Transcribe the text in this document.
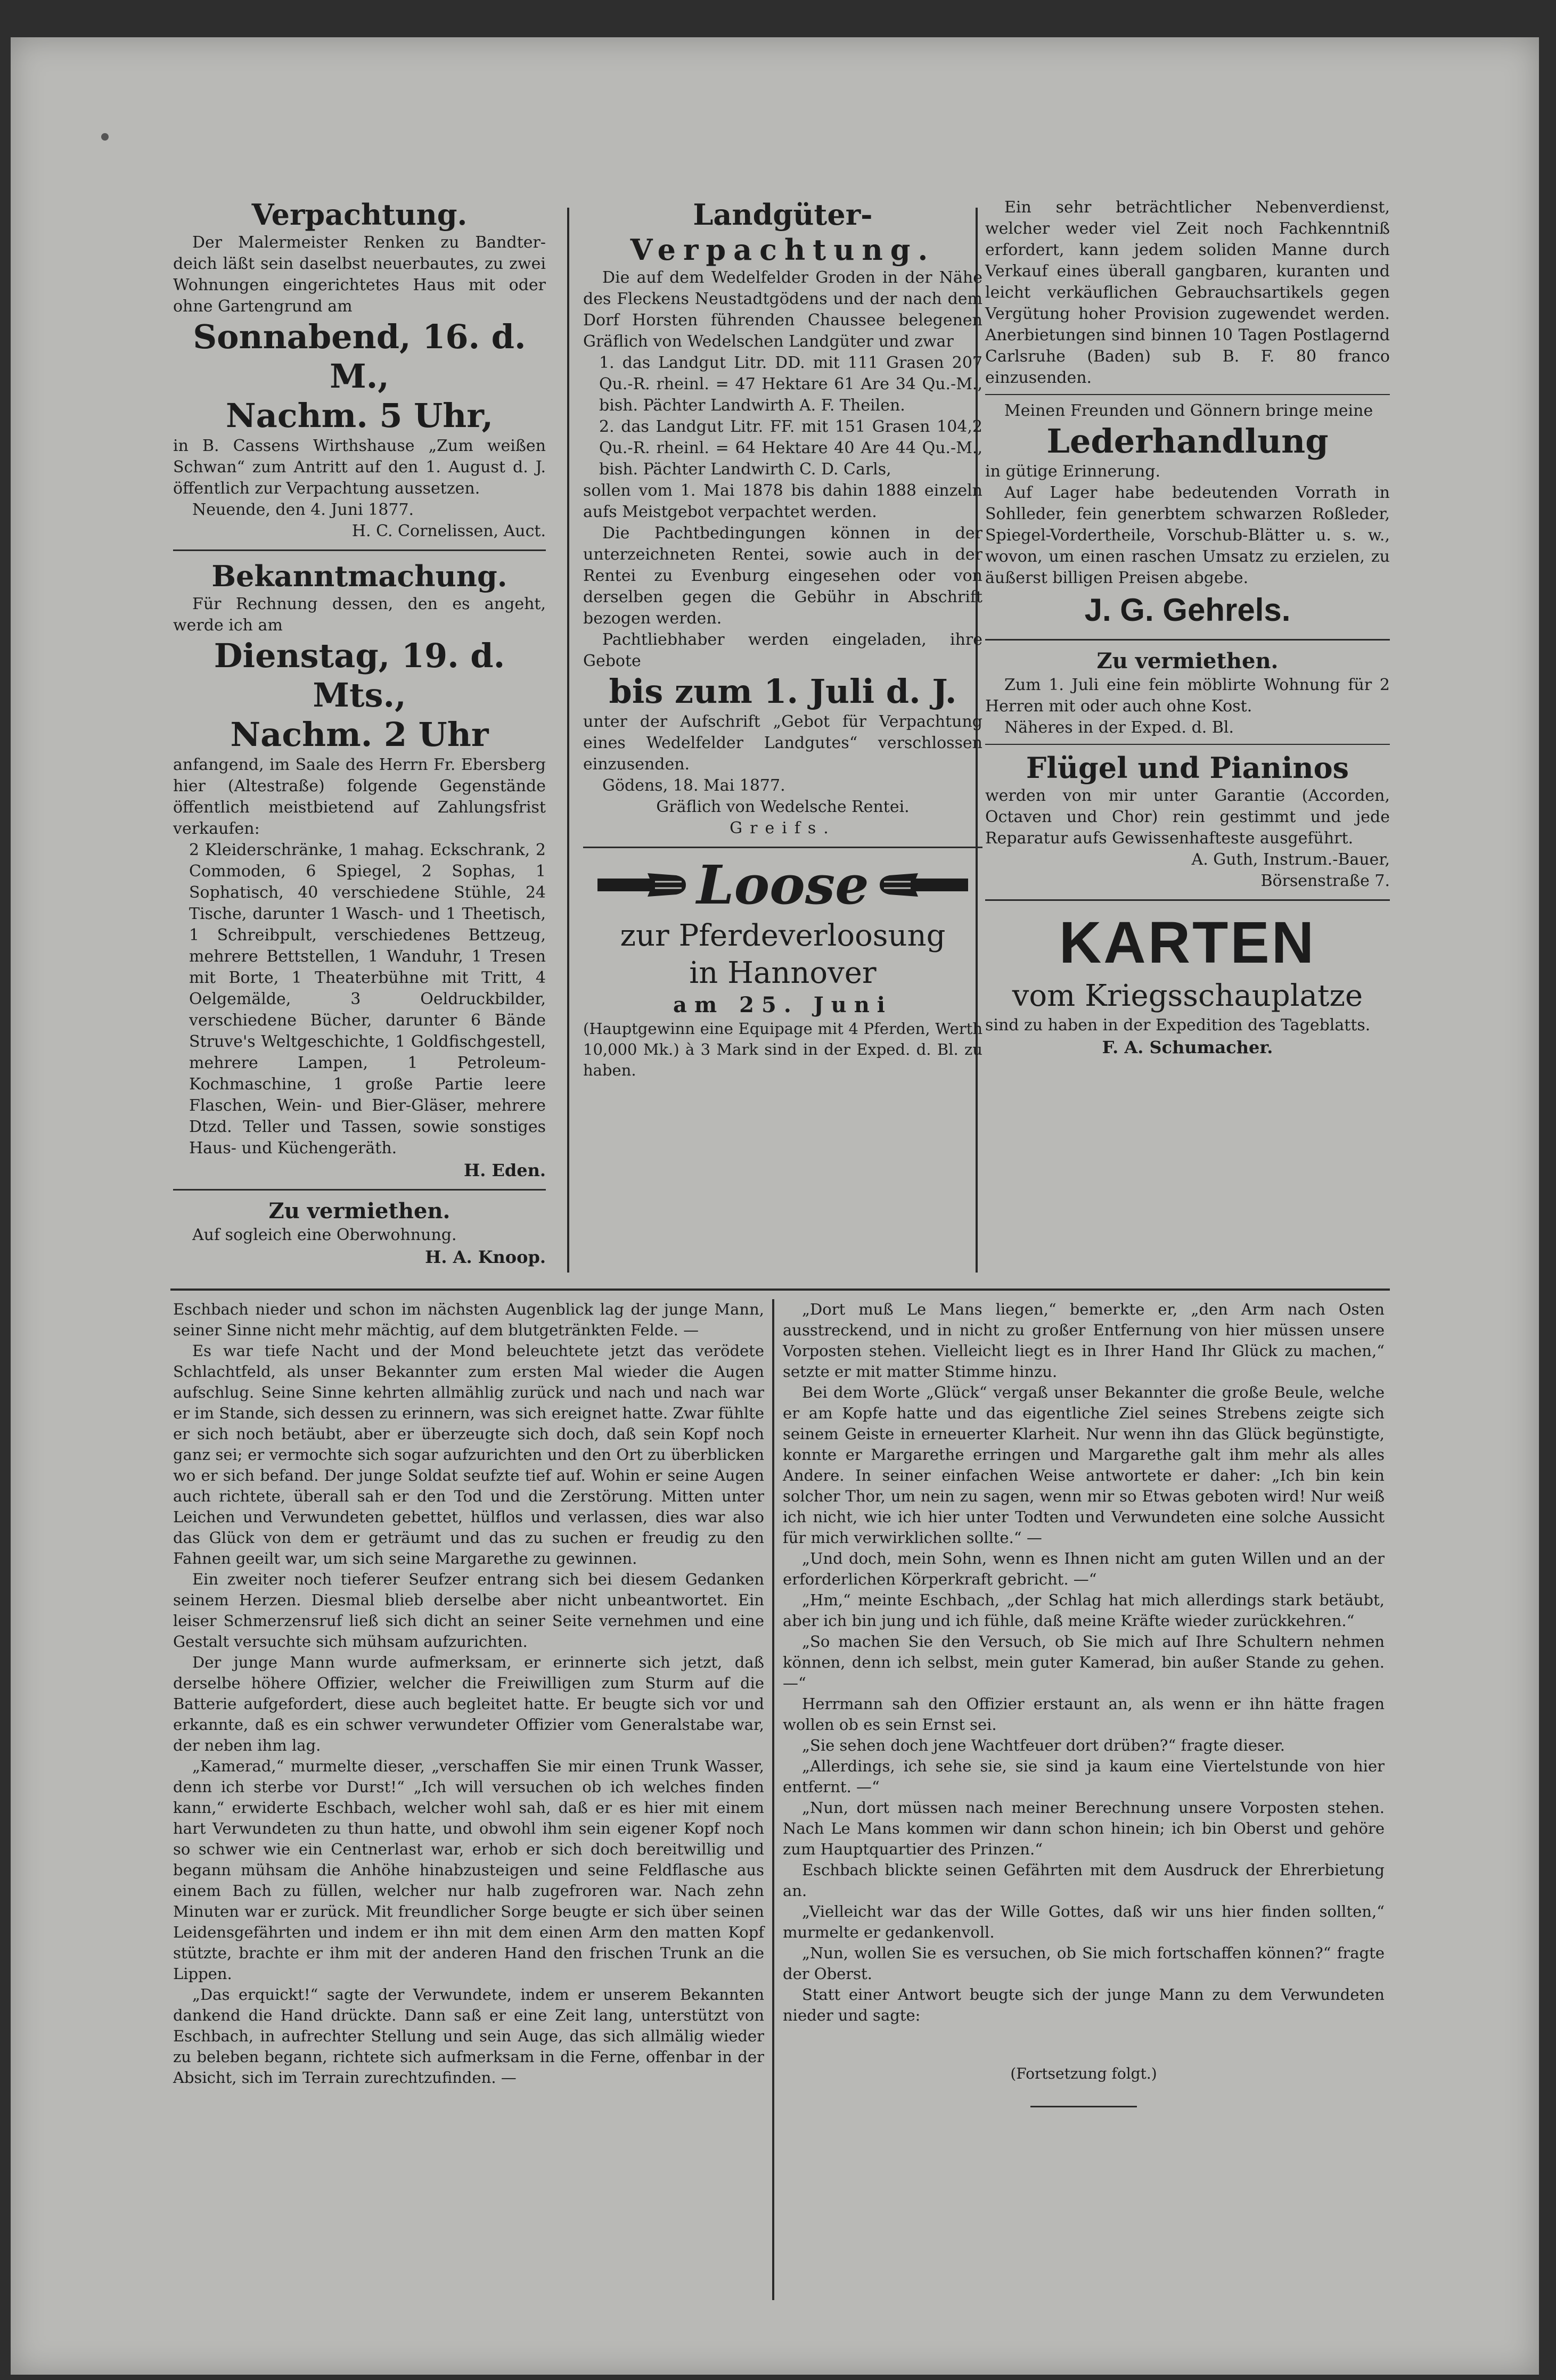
Verpachtung.

Der Malermeister Renken zu Bandter-deich läßt sein daselbst neuerbautes, zu zwei Wohnungen eingerichtetes Haus mit oder ohne Gartengrund am

Sonnabend, 16. d. M.,

Nachm. 5 Uhr,

in B. Cassens Wirthshause „Zum weißen Schwan“ zum Antritt auf den 1. August d. J. öffentlich zur Verpachtung aussetzen.

Neuende, den 4. Juni 1877.

H. C. Cornelissen, Auct.

Bekanntmachung.

Für Rechnung dessen, den es angeht, werde ich am

Dienstag, 19. d. Mts.,

Nachm. 2 Uhr

anfangend, im Saale des Herrn Fr. Ebersberg hier (Altestraße) folgende Gegenstände öffentlich meistbietend auf Zahlungsfrist verkaufen:

2 Kleiderschränke, 1 mahag. Eckschrank, 2 Commoden, 6 Spiegel, 2 Sophas, 1 Sophatisch, 40 verschiedene Stühle, 24 Tische, darunter 1 Wasch- und 1 Theetisch, 1 Schreibpult, verschiedenes Bettzeug, mehrere Bettstellen, 1 Wanduhr, 1 Tresen mit Borte, 1 Theaterbühne mit Tritt, 4 Oelgemälde, 3 Oeldruckbilder, verschiedene Bücher, darunter 6 Bände Struve's Weltgeschichte, 1 Goldfischgestell, mehrere Lampen, 1 Petroleum-Kochmaschine, 1 große Partie leere Flaschen, Wein- und Bier-Gläser, mehrere Dtzd. Teller und Tassen, sowie sonstiges Haus- und Küchengeräth.

H. Eden.

Zu vermiethen.

Auf sogleich eine Oberwohnung.

H. A. Knoop.

Landgüter-

Verpachtung.

Die auf dem Wedelfelder Groden in der Nähe des Fleckens Neustadtgödens und der nach dem Dorf Horsten führenden Chaussee belegenen Gräflich von Wedelschen Landgüter und zwar

1. das Landgut Litr. DD. mit 111 Grasen 207 Qu.-R. rheinl. = 47 Hektare 61 Are 34 Qu.-M., bish. Pächter Landwirth A. F. Theilen.

2. das Landgut Litr. FF. mit 151 Grasen 104,2 Qu.-R. rheinl. = 64 Hektare 40 Are 44 Qu.-M., bish. Pächter Landwirth C. D. Carls,

sollen vom 1. Mai 1878 bis dahin 1888 einzeln aufs Meistgebot verpachtet werden.

Die Pachtbedingungen können in der unterzeichneten Rentei, sowie auch in der Rentei zu Evenburg eingesehen oder von derselben gegen die Gebühr in Abschrift bezogen werden.

Pachtliebhaber werden eingeladen, ihre Gebote

bis zum 1. Juli d. J.

unter der Aufschrift „Gebot für Verpachtung eines Wedelfelder Landgutes“ verschlossen einzusenden.

Gödens, 18. Mai 1877.

Gräflich von Wedelsche Rentei.

Greifs.

Loose

zur Pferdeverloosung

in Hannover

am 25. Juni

(Hauptgewinn eine Equipage mit 4 Pferden, Werth 10,000 Mk.) à 3 Mark sind in der Exped. d. Bl. zu haben.

Ein sehr beträchtlicher Nebenverdienst, welcher weder viel Zeit noch Fachkenntniß erfordert, kann jedem soliden Manne durch Verkauf eines überall gangbaren, kuranten und leicht verkäuflichen Gebrauchsartikels gegen Vergütung hoher Provision zugewendet werden. Anerbietungen sind binnen 10 Tagen Postlagernd Carlsruhe (Baden) sub B. F. 80 franco einzusenden.

Meinen Freunden und Gönnern bringe meine

Lederhandlung

in gütige Erinnerung.

Auf Lager habe bedeutenden Vorrath in Sohlleder, fein generbtem schwarzen Roßleder, Spiegel-Vordertheile, Vorschub-Blätter u. s. w., wovon, um einen raschen Umsatz zu erzielen, zu äußerst billigen Preisen abgebe.

J. G. Gehrels.

Zu vermiethen.

Zum 1. Juli eine fein möblirte Wohnung für 2 Herren mit oder auch ohne Kost.

Näheres in der Exped. d. Bl.

Flügel und Pianinos

werden von mir unter Garantie (Accorden, Octaven und Chor) rein gestimmt und jede Reparatur aufs Gewissenhafteste ausgeführt.

A. Guth, Instrum.-Bauer,

Börsenstraße 7.

KARTEN

vom Kriegsschauplatze

sind zu haben in der Expedition des Tageblatts.

F. A. Schumacher.

Eschbach nieder und schon im nächsten Augenblick lag der junge Mann, seiner Sinne nicht mehr mächtig, auf dem blutgetränkten Felde. —

Es war tiefe Nacht und der Mond beleuchtete jetzt das verödete Schlachtfeld, als unser Bekannter zum ersten Mal wieder die Augen aufschlug. Seine Sinne kehrten allmählig zurück und nach und nach war er im Stande, sich dessen zu erinnern, was sich ereignet hatte. Zwar fühlte er sich noch betäubt, aber er überzeugte sich doch, daß sein Kopf noch ganz sei; er vermochte sich sogar aufzurichten und den Ort zu überblicken wo er sich befand. Der junge Soldat seufzte tief auf. Wohin er seine Augen auch richtete, überall sah er den Tod und die Zerstörung. Mitten unter Leichen und Verwundeten gebettet, hülflos und verlassen, dies war also das Glück von dem er geträumt und das zu suchen er freudig zu den Fahnen geeilt war, um sich seine Margarethe zu gewinnen.

Ein zweiter noch tieferer Seufzer entrang sich bei diesem Gedanken seinem Herzen. Diesmal blieb derselbe aber nicht unbeantwortet. Ein leiser Schmerzensruf ließ sich dicht an seiner Seite vernehmen und eine Gestalt versuchte sich mühsam aufzurichten.

Der junge Mann wurde aufmerksam, er erinnerte sich jetzt, daß derselbe höhere Offizier, welcher die Freiwilligen zum Sturm auf die Batterie aufgefordert, diese auch begleitet hatte. Er beugte sich vor und erkannte, daß es ein schwer verwundeter Offizier vom Generalstabe war, der neben ihm lag.

„Kamerad,“ murmelte dieser, „verschaffen Sie mir einen Trunk Wasser, denn ich sterbe vor Durst!“ „Ich will versuchen ob ich welches finden kann,“ erwiderte Eschbach, welcher wohl sah, daß er es hier mit einem hart Verwundeten zu thun hatte, und obwohl ihm sein eigener Kopf noch so schwer wie ein Centnerlast war, erhob er sich doch bereitwillig und begann mühsam die Anhöhe hinabzusteigen und seine Feldflasche aus einem Bach zu füllen, welcher nur halb zugefroren war. Nach zehn Minuten war er zurück. Mit freundlicher Sorge beugte er sich über seinen Leidensgefährten und indem er ihn mit dem einen Arm den matten Kopf stützte, brachte er ihm mit der anderen Hand den frischen Trunk an die Lippen.

„Das erquickt!“ sagte der Verwundete, indem er unserem Bekannten dankend die Hand drückte. Dann saß er eine Zeit lang, unterstützt von Eschbach, in aufrechter Stellung und sein Auge, das sich allmälig wieder zu beleben begann, richtete sich aufmerksam in die Ferne, offenbar in der Absicht, sich im Terrain zurechtzufinden. —

„Dort muß Le Mans liegen,“ bemerkte er, „den Arm nach Osten ausstreckend, und in nicht zu großer Entfernung von hier müssen unsere Vorposten stehen. Vielleicht liegt es in Ihrer Hand Ihr Glück zu machen,“ setzte er mit matter Stimme hinzu.

Bei dem Worte „Glück“ vergaß unser Bekannter die große Beule, welche er am Kopfe hatte und das eigentliche Ziel seines Strebens zeigte sich seinem Geiste in erneuerter Klarheit. Nur wenn ihn das Glück begünstigte, konnte er Margarethe erringen und Margarethe galt ihm mehr als alles Andere. In seiner einfachen Weise antwortete er daher: „Ich bin kein solcher Thor, um nein zu sagen, wenn mir so Etwas geboten wird! Nur weiß ich nicht, wie ich hier unter Todten und Verwundeten eine solche Aussicht für mich verwirklichen sollte.“ —

„Und doch, mein Sohn, wenn es Ihnen nicht am guten Willen und an der erforderlichen Körperkraft gebricht. —“

„Hm,“ meinte Eschbach, „der Schlag hat mich allerdings stark betäubt, aber ich bin jung und ich fühle, daß meine Kräfte wieder zurückkehren.“

„So machen Sie den Versuch, ob Sie mich auf Ihre Schultern nehmen können, denn ich selbst, mein guter Kamerad, bin außer Stande zu gehen. —“

Herrmann sah den Offizier erstaunt an, als wenn er ihn hätte fragen wollen ob es sein Ernst sei.

„Sie sehen doch jene Wachtfeuer dort drüben?“ fragte dieser.

„Allerdings, ich sehe sie, sie sind ja kaum eine Viertelstunde von hier entfernt. —“

„Nun, dort müssen nach meiner Berechnung unsere Vorposten stehen. Nach Le Mans kommen wir dann schon hinein; ich bin Oberst und gehöre zum Hauptquartier des Prinzen.“

Eschbach blickte seinen Gefährten mit dem Ausdruck der Ehrerbietung an.

„Vielleicht war das der Wille Gottes, daß wir uns hier finden sollten,“ murmelte er gedankenvoll.

„Nun, wollen Sie es versuchen, ob Sie mich fortschaffen können?“ fragte der Oberst.

Statt einer Antwort beugte sich der junge Mann zu dem Verwundeten nieder und sagte:

(Fortsetzung folgt.)
